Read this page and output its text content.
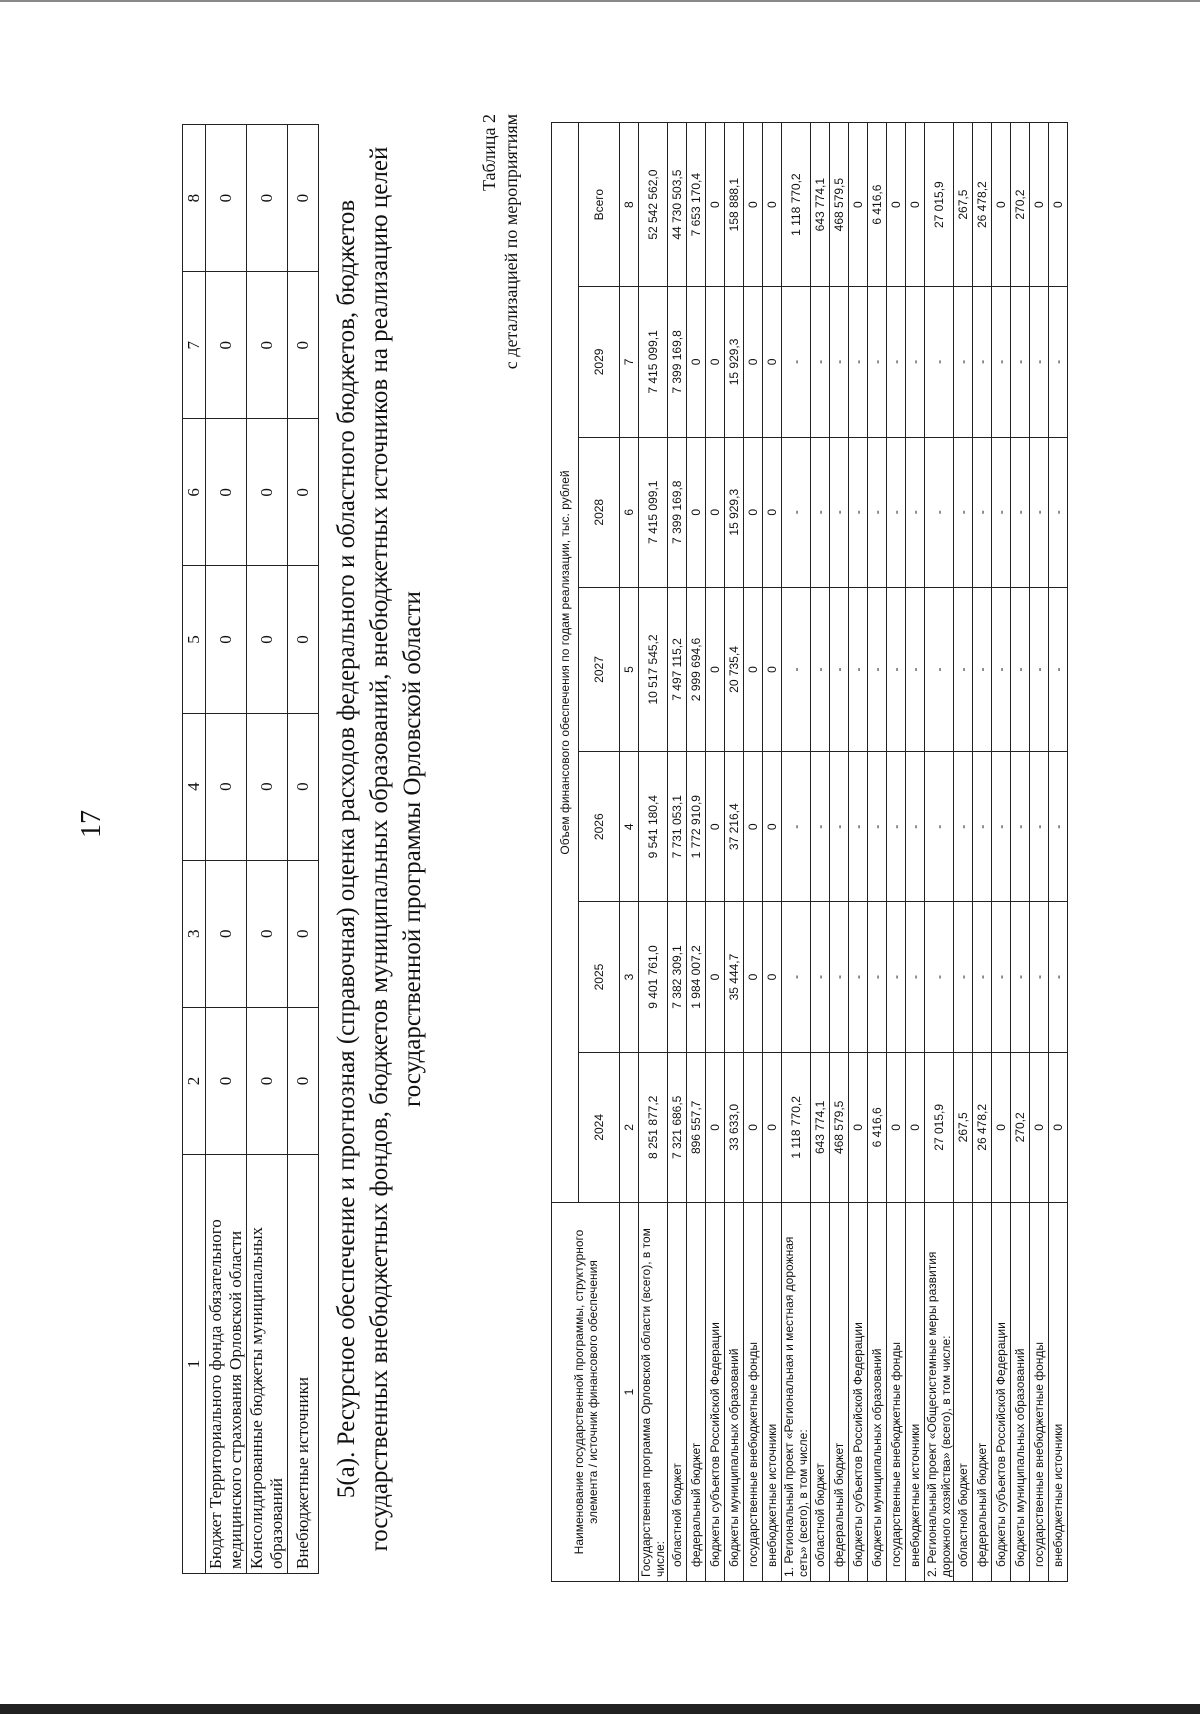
1	2	3	4	5	6	7	8
Бюджет Территориального фонда обязательного медицинского страхования Орловской области	0	0	0	0	0	0	0
Консолидированные бюджеты муниципальных образований	0	0	0	0	0	0	0
Внебюджетные источники	0	0	0	0	0	0	0
5(а). Ресурсное обеспечение и прогнозная (справочная) оценка расходов федерального и областного бюджетов, бюджетов государственных внебюджетных фондов, бюджетов муниципальных образований, внебюджетных источников на реализацию целей государственной программы Орловской области
Таблица 2 с детализацией по мероприятиям
Наименование государственной программы, структурного элемента / источник финансового обеспечения	Объем финансового обеспечения по годам реализации, тыс. рублей						
	2024	2025	2026	2027	2028	2029	Всего
1	2	3	4	5	6	7	8
Государственная программа Орловской области (всего), в том числе:	8 251 877,2	9 401 761,0	9 541 180,4	10 517 545,2	7 415 099,1	7 415 099,1	52 542 562,0
областной бюджет	7 321 686,5	7 382 309,1	7 731 053,1	7 497 115,2	7 399 169,8	7 399 169,8	44 730 503,5
федеральный бюджет	896 557,7	1 984 007,2	1 772 910,9	2 999 694,6	0	0	7 653 170,4
бюджеты субъектов Российской Федерации	0	0	0	0	0	0	0
бюджеты муниципальных образований	33 633,0	35 444,7	37 216,4	20 735,4	15 929,3	15 929,3	158 888,1
государственные внебюджетные фонды	0	0	0	0	0	0	0
внебюджетные источники	0	0	0	0	0	0	0
1. Региональный проект «Региональная и местная дорожная сеть» (всего), в том числе:	1 118 770,2	-	-	-	-	-	1 118 770,2
областной бюджет	643 774,1	-	-	-	-	-	643 774,1
федеральный бюджет	468 579,5	-	-	-	-	-	468 579,5
бюджеты субъектов Российской Федерации	0	-	-	-	-	-	0
бюджеты муниципальных образований	6 416,6	-	-	-	-	-	6 416,6
государственные внебюджетные фонды	0	-	-	-	-	-	0
внебюджетные источники	0	-	-	-	-	-	0
2. Региональный проект «Общесистемные меры развития дорожного хозяйства» (всего), в том числе:	27 015,9	-	-	-	-	-	27 015,9
областной бюджет	267,5	-	-	-	-	-	267,5
федеральный бюджет	26 478,2	-	-	-	-	-	26 478,2
бюджеты субъектов Российской Федерации	0	-	-	-	-	-	0
бюджеты муниципальных образований	270,2	-	-	-	-	-	270,2
государственные внебюджетные фонды	0	-	-	-	-	-	0
внебюджетные источники	0	-	-	-	-	-	0
17
